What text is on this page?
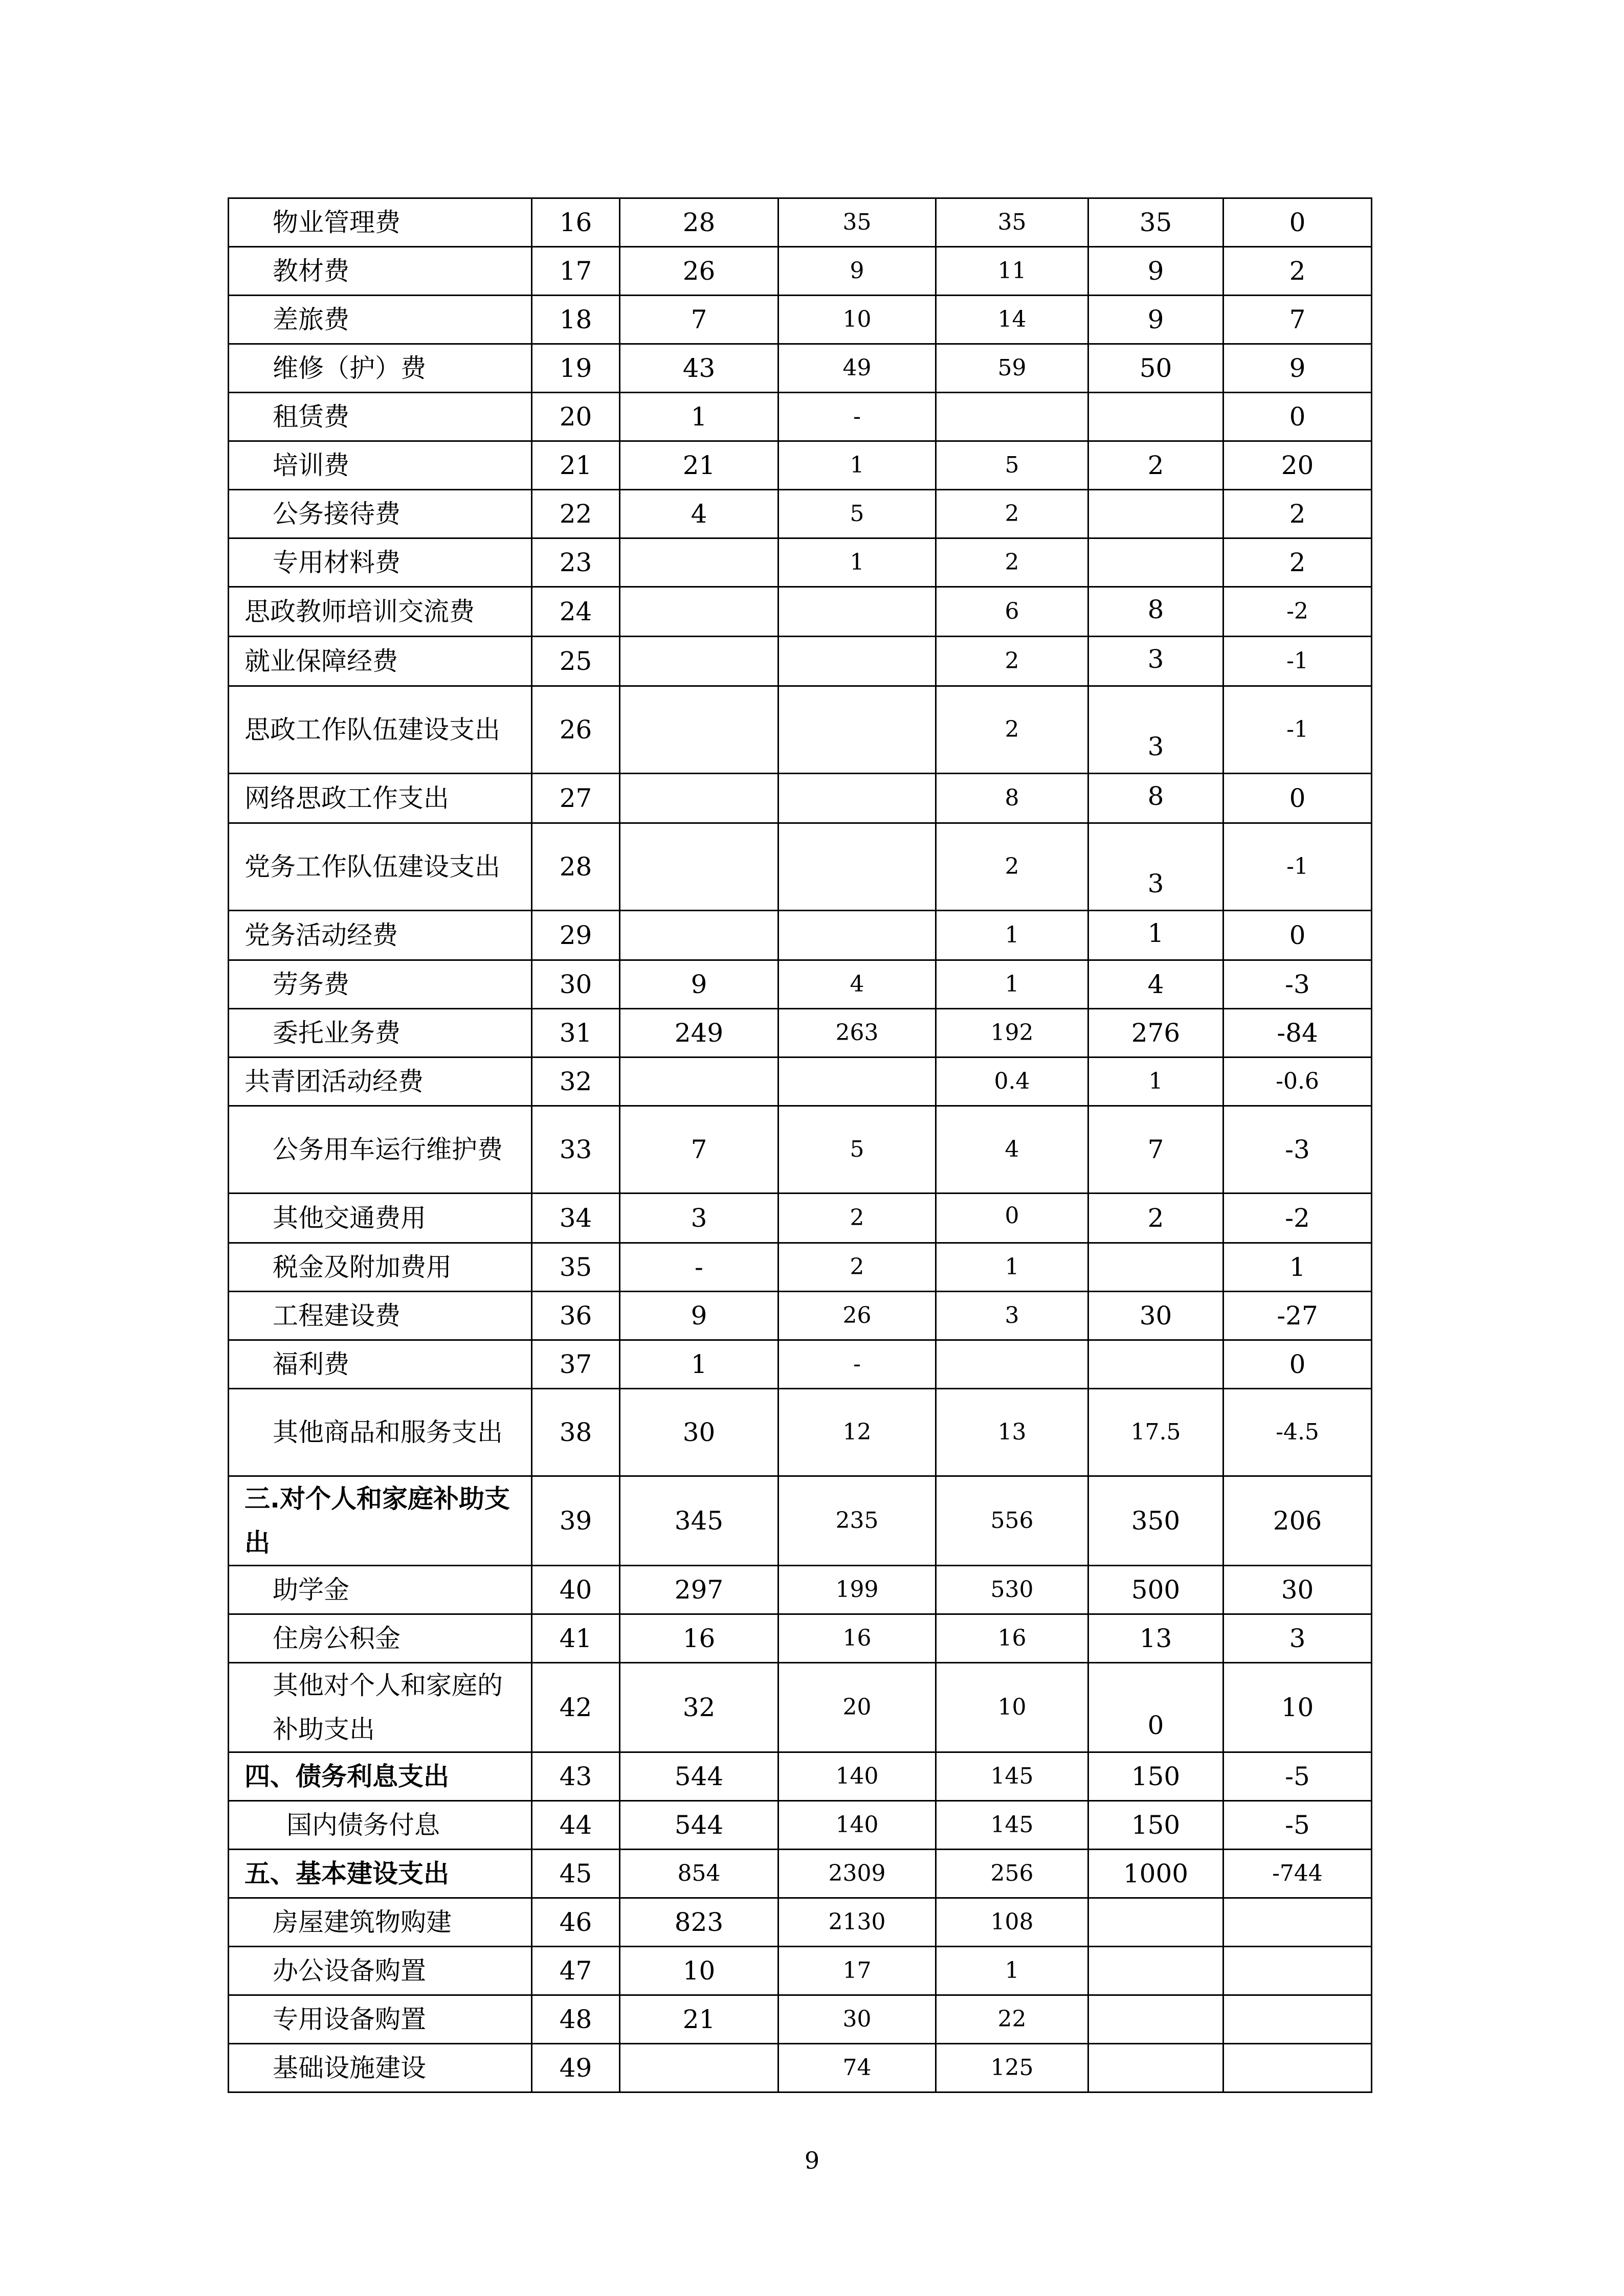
物业管理费	16	28	35	35	35	0
教材费	17	26	9	11	9	2
差旅费	18	7	10	14	9	7
维修（护）费	19	43	49	59	50	9
租赁费	20	1	-			0
培训费	21	21	1	5	2	20
公务接待费	22	4	5	2		2
专用材料费	23		1	2		2
思政教师培训交流费	24			6	8	-2
就业保障经费	25			2	3	-1
思政工作队伍建设支出	26			2	3	-1
网络思政工作支出	27			8	8	0
党务工作队伍建设支出	28			2	3	-1
党务活动经费	29			1	1	0
劳务费	30	9	4	1	4	-3
委托业务费	31	249	263	192	276	-84
共青团活动经费	32			0.4	1	-0.6
公务用车运行维护费	33	7	5	4	7	-3
其他交通费用	34	3	2	0	2	-2
税金及附加费用	35	-	2	1		1
工程建设费	36	9	26	3	30	-27
福利费	37	1	-			0
其他商品和服务支出	38	30	12	13	17.5	-4.5
三.对个人和家庭补助支出	39	345	235	556	350	206
助学金	40	297	199	530	500	30
住房公积金	41	16	16	16	13	3
其他对个人和家庭的补助支出	42	32	20	10	0	10
四、债务利息支出	43	544	140	145	150	-5
国内债务付息	44	544	140	145	150	-5
五、基本建设支出	45	854	2309	256	1000	-744
房屋建筑物购建	46	823	2130	108		
办公设备购置	47	10	17	1		
专用设备购置	48	21	30	22		
基础设施建设	49		74	125		
9
